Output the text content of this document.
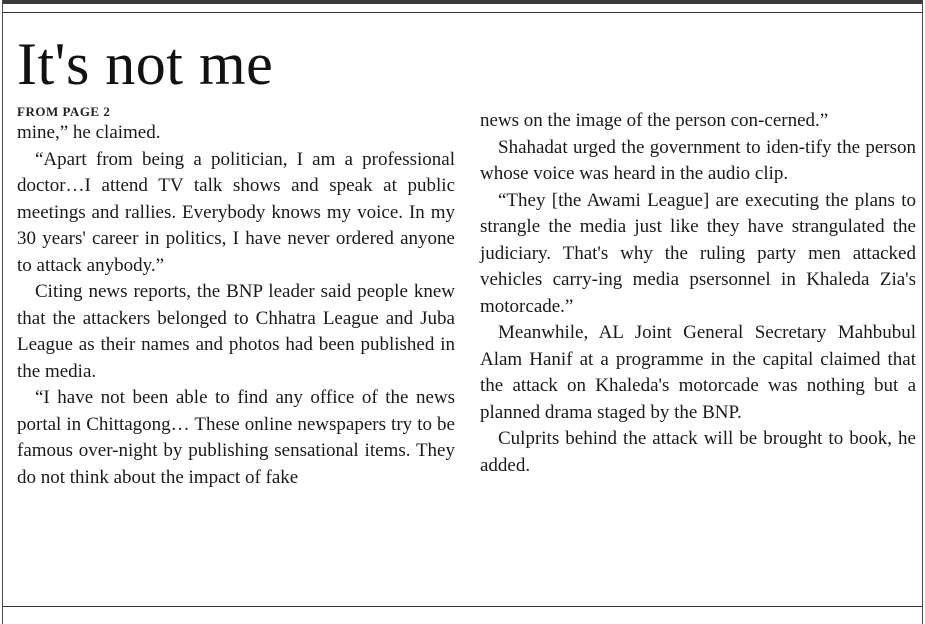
It's not me
FROM PAGE 2

mine,” he claimed.

“Apart from being a politician, I am a professional doctor…I attend TV talk shows and speak at public meetings and rallies. Everybody knows my voice. In my 30 years' career in politics, I have never ordered anyone to attack anybody.”

Citing news reports, the BNP leader said people knew that the attackers belonged to Chhatra League and Juba League as their names and photos had been published in the media.

“I have not been able to find any office of the news portal in Chittagong… These online newspapers try to be famous over-night by publishing sensational items. They do not think about the impact of fake

news on the image of the person con-cerned.”

Shahadat urged the government to iden-tify the person whose voice was heard in the audio clip.

“They [the Awami League] are executing the plans to strangle the media just like they have strangulated the judiciary. That's why the ruling party men attacked vehicles carry-ing media psersonnel in Khaleda Zia's motorcade.”

Meanwhile, AL Joint General Secretary Mahbubul Alam Hanif at a programme in the capital claimed that the attack on Khaleda's motorcade was nothing but a planned drama staged by the BNP.

Culprits behind the attack will be brought to book, he added.
